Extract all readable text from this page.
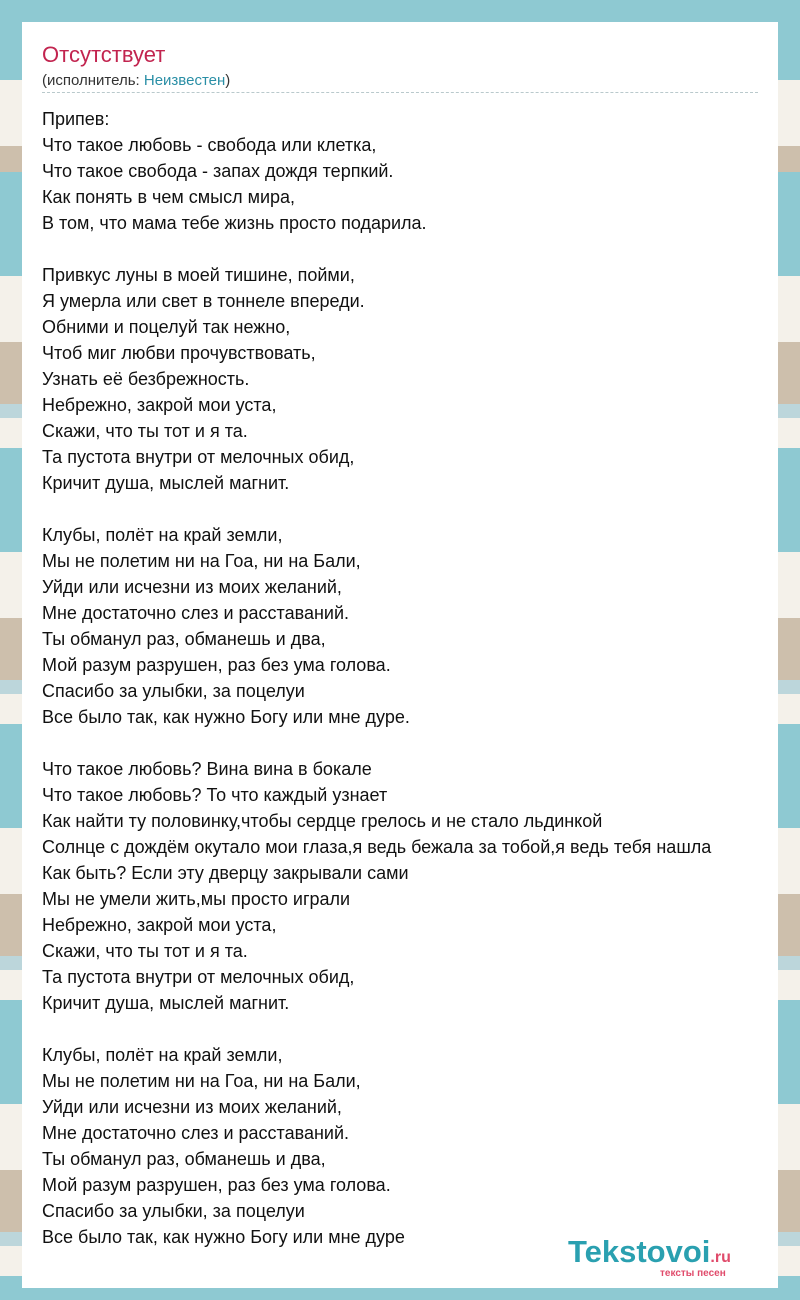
Отсутствует
(исполнитель: Неизвестен)
Припев:
Что такое любовь - свобода или клетка,
Что такое свобода - запах дождя терпкий.
Как понять в чем смысл мира,
В том, что мама тебе жизнь просто подарила.
Привкус луны в моей тишине, пойми,
Я умерла или свет в тоннеле впереди.
Обними и поцелуй так нежно,
Чтоб миг любви прочувствовать,
Узнать её безбрежность.
Небрежно, закрой мои уста,
Скажи, что ты тот и я та.
Та пустота внутри от мелочных обид,
Кричит душа, мыслей магнит.
Клубы, полёт на край земли,
Мы не полетим ни на Гоа, ни на Бали,
Уйди или исчезни из моих желаний,
Мне достаточно слез и расставаний.
Ты обманул раз, обманешь и два,
Мой разум разрушен, раз без ума голова.
Спасибо за улыбки, за поцелуи
Все было так, как нужно Богу или мне дуре.
Что такое любовь? Вина вина в бокале
Что такое любовь? То что каждый узнает
Как найти ту половинку,чтобы сердце грелось и не стало льдинкой
Солнце с дождём окутало мои глаза,я ведь бежала за тобой,я ведь тебя нашла
Как быть? Если эту дверцу закрывали сами
Мы не умели жить,мы просто играли
Небрежно, закрой мои уста,
Скажи, что ты тот и я та.
Та пустота внутри от мелочных обид,
Кричит душа, мыслей магнит.
Клубы, полёт на край земли,
Мы не полетим ни на Гоа, ни на Бали,
Уйди или исчезни из моих желаний,
Мне достаточно слез и расставаний.
Ты обманул раз, обманешь и два,
Мой разум разрушен, раз без ума голова.
Спасибо за улыбки, за поцелуи
Все было так, как нужно Богу или мне дуре	Tekstovoi.ru
тексты песен
